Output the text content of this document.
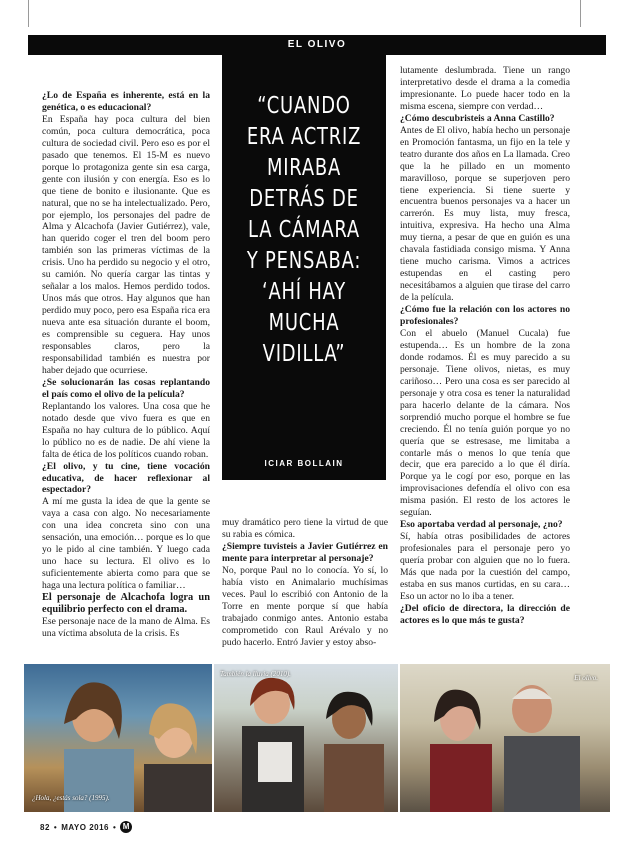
EL OLIVO
“CUANDO ERA ACTRIZ MIRABA DETRÁS DE LA CÁMARA Y PENSABA: ‘AHÍ HAY MUCHA VIDILLA”
ICIAR BOLLAIN

¿Lo de España es inherente, está en la genética, o es educacional?

En España hay poca cultura del bien común, poca cultura democrática, poca cultura de sociedad civil. Pero eso es por el pasado que tenemos. El 15-M es nuevo porque lo protagoniza gente sin esa carga, gente con ilusión y con energía. Eso es lo que tiene de bonito e ilusionante. Que es natural, que no se ha intelectualizado. Pero, por ejemplo, los personajes del padre de Alma y Alcachofa (Javier Gutiérrez), vale, han querido coger el tren del boom pero también son las primeras víctimas de la crisis. Uno ha perdido su negocio y el otro, su camión. No quería cargar las tintas y señalar a los malos. Hemos perdido todos. Unos más que otros. Hay algunos que han perdido muy poco, pero esa España rica era nueva ante esa situación durante el boom, es comprensible su ceguera. Hay unos responsables claros, pero la responsabilidad también es nuestra por haber dejado que ocurriese.

¿Se solucionarán las cosas replantando el país como el olivo de la película?

Replantando los valores. Una cosa que he notado desde que vivo fuera es que en España no hay cultura de lo público. Aquí lo público no es de nadie. De ahí viene la falta de ética de los políticos cuando roban.

¿El olivo, y tu cine, tiene vocación educativa, de hacer reflexionar al espectador?

A mí me gusta la idea de que la gente se vaya a casa con algo. No necesariamente con una idea concreta sino con una sensación, una emoción… porque es lo que yo le pido al cine también. Y luego cada uno hace su lectura. El olivo es lo suficientemente abierta como para que se haga una lectura política o familiar…

El personaje de Alcachofa logra un equilibrio perfecto con el drama.

Ese personaje nace de la mano de Alma. Es una víctima absoluta de la crisis. Es

muy dramático pero tiene la virtud de que su rabia es cómica.

¿Siempre tuvisteis a Javier Gutiérrez en mente para interpretar al personaje?

No, porque Paul no lo conocía. Yo sí, lo había visto en Animalario muchísimas veces. Paul lo escribió con Antonio de la Torre en mente porque sí que había trabajado conmigo antes. Antonio estaba comprometido con Raul Arévalo y no pudo hacerlo. Entró Javier y estoy abso-

lutamente deslumbrada. Tiene un rango interpretativo desde el drama a la comedia impresionante. Lo puede hacer todo en la misma escena, siempre con verdad…

¿Cómo descubristeis a Anna Castillo?

Antes de El olivo, había hecho un personaje en Promoción fantasma, un fijo en la tele y teatro durante dos años en La llamada. Creo que la he pillado en un momento maravilloso, porque se superjoven pero tiene experiencia. Si tiene suerte y encuentra buenos personajes va a hacer un carrerón. Es muy lista, muy fresca, intuitiva, expresiva. Ha hecho una Alma muy tierna, a pesar de que en guión es una chavala fastidiada consigo misma. Y Anna tiene mucho carisma. Vimos a actrices estupendas en el casting pero necesitábamos a alguien que tirase del carro de la película.

¿Cómo fue la relación con los actores no profesionales?

Con el abuelo (Manuel Cucala) fue estupenda… Es un hombre de la zona donde rodamos. Él es muy parecido a su personaje. Tiene olivos, nietas, es muy cariñoso… Pero una cosa es ser parecido al personaje y otra cosa es tener la naturalidad para hacerlo delante de la cámara. Nos sorprendió mucho porque el hombre se fue creciendo. Él no tenía guión porque yo no quería que se estresase, me limitaba a contarle más o menos lo que tenía que decir, que era parecido a lo que él diría. Porque ya le cogí por eso, porque en las improvisaciones defendía el olivo con esa misma pasión. El resto de los actores le seguían.

Eso aportaba verdad al personaje, ¿no?

Sí, había otras posibilidades de actores profesionales para el personaje pero yo quería probar con alguien que no lo fuera. Más que nada por la cuestión del campo, estaba en sus manos curtidas, en su cara… Eso un actor no lo iba a tener.

¿Del oficio de directora, la dirección de actores es lo que más te gusta?

¿Hola, ¿estás sola? (1995).
También la lluvia (2010).	El olivo.
82 • MAYO 2016 • M
